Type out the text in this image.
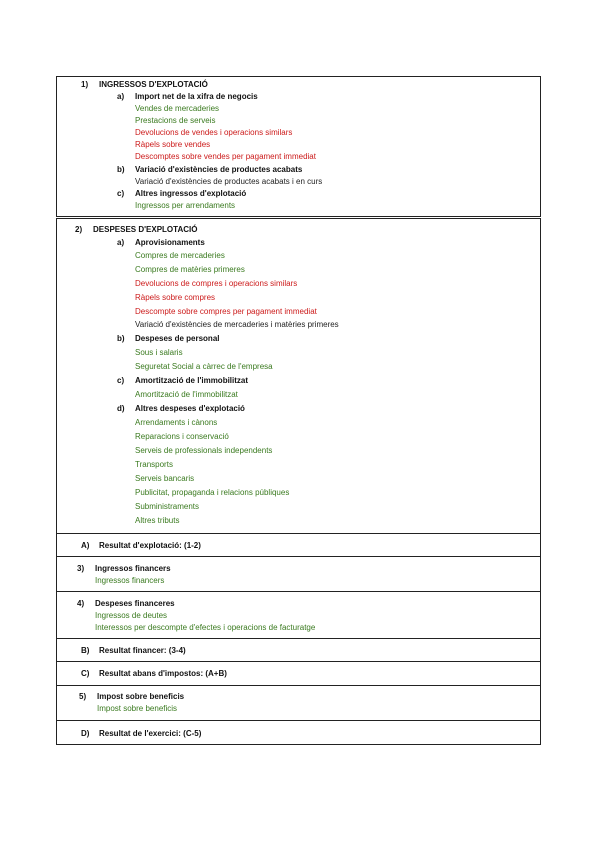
1) INGRESSOS D'EXPLOTACIÓ
a) Import net de la xifra de negocis
Vendes de mercaderies
Prestacions de serveis
Devolucions de vendes i operacions similars
Ràpels sobre vendes
Descomptes sobre vendes per pagament immediat
b) Variació d'existències de productes acabats
Variació d'existències de productes acabats i en curs
c) Altres ingressos d'explotació
Ingressos per arrendaments
2) DESPESES D'EXPLOTACIÓ
a) Aprovisionaments
Compres de mercaderies
Compres de matèries primeres
Devolucions de compres i operacions similars
Ràpels sobre compres
Descompte sobre compres per pagament immediat
Variació d'existències de mercaderies i matèries primeres
b) Despeses de personal
Sous i salaris
Seguretat Social a càrrec de l'empresa
c) Amortització de l'immobilitzat
Amortització de l'immobilitzat
d) Altres despeses d'explotació
Arrendaments i cànons
Reparacions i conservació
Serveis de professionals independents
Transports
Serveis bancaris
Publicitat, propaganda i relacions públiques
Subministraments
Altres tributs
A) Resultat d'explotació: (1-2)
3) Ingressos financers
Ingressos financers
4) Despeses financeres
Ingressos de deutes
Interessos per descompte d'efectes i operacions de facturatge
B) Resultat financer: (3-4)
C) Resultat abans d'impostos: (A+B)
5) Impost sobre beneficis
Impost sobre beneficis
D) Resultat de l'exercici: (C-5)
